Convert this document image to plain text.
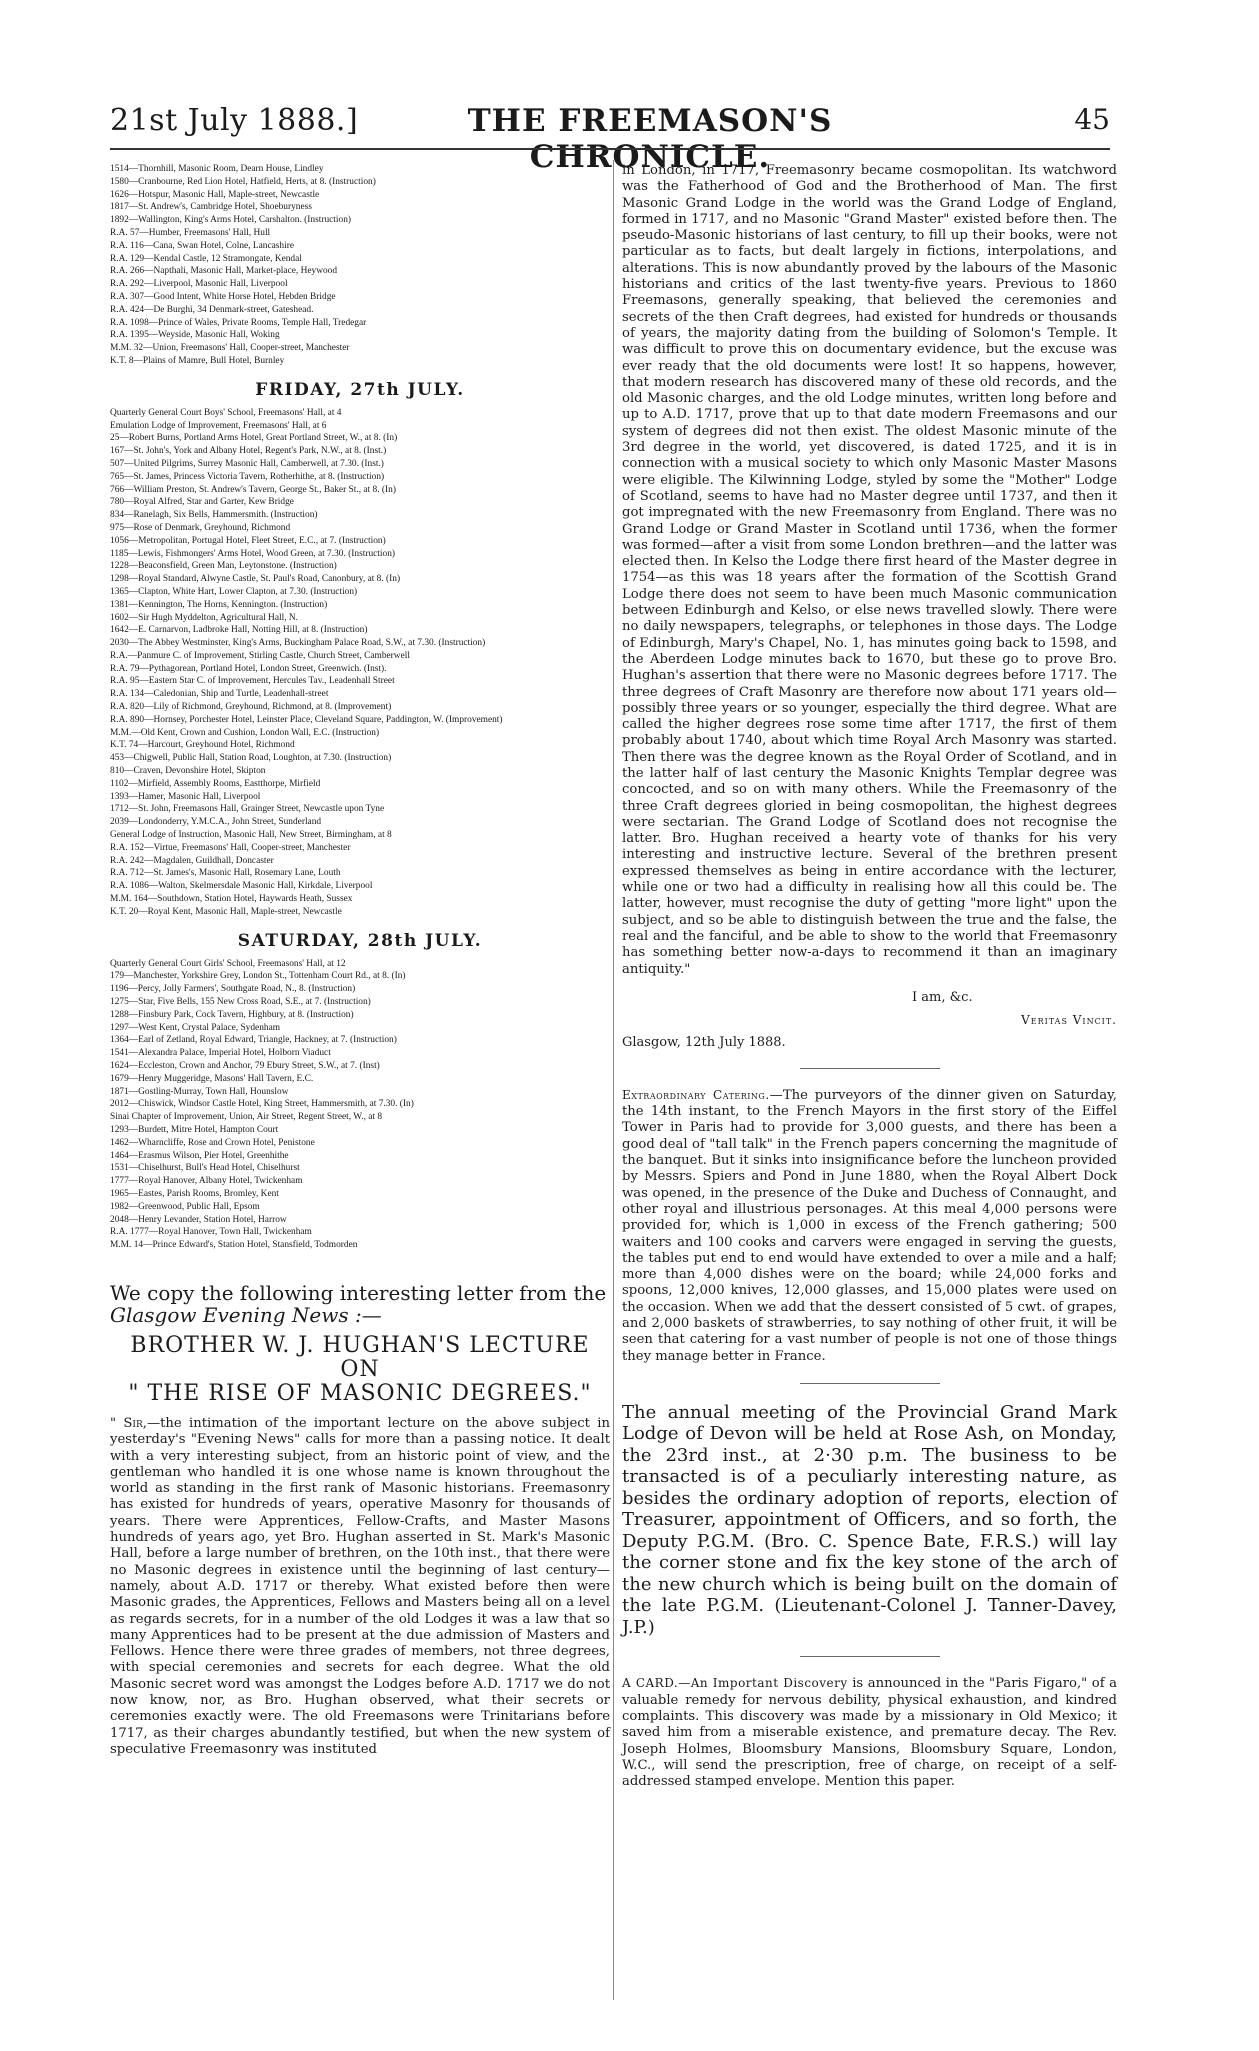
21st July 1888.]	THE FREEMASON'S CHRONICLE.
45
1514—Thornhill, Masonic Room, Dearn House, Lindley
1580—Cranbourne, Red Lion Hotel, Hatfield, Herts, at 8. (Instruction)
1626—Hotspur, Masonic Hall, Maple-street, Newcastle
1817—St. Andrew's, Cambridge Hotel, Shoeburyness
1892—Wallington, King's Arms Hotel, Carshalton. (Instruction)
R.A. 57—Humber, Freemasons' Hall, Hull
R.A. 116—Cana, Swan Hotel, Colne, Lancashire
R.A. 129—Kendal Castle, 12 Stramongate, Kendal
R.A. 266—Napthali, Masonic Hall, Market-place, Heywood
R.A. 292—Liverpool, Masonic Hall, Liverpool
R.A. 307—Good Intent, White Horse Hotel, Hebden Bridge
R.A. 424—De Burghi, 34 Denmark-street, Gateshead.
R.A. 1098—Prince of Wales, Private Rooms, Temple Hall, Tredegar
R.A. 1395—Weyside, Masonic Hall, Woking
M.M. 32—Union, Freemasons' Hall, Cooper-street, Manchester
K.T. 8—Plains of Mamre, Bull Hotel, Burnley
FRIDAY, 27th JULY.
Quarterly General Court Boys' School, Freemasons' Hall, at 4
Emulation Lodge of Improvement, Freemasons' Hall, at 6
25—Robert Burns, Portland Arms Hotel, Great Portland Street, W., at 8. (In)
167—St. John's, York and Albany Hotel, Regent's Park, N.W., at 8. (Inst.)
507—United Pilgrims, Surrey Masonic Hall, Camberwell, at 7.30. (Inst.)
765—St. James, Princess Victoria Tavern, Rotherhithe, at 8. (Instruction)
766—William Preston, St. Andrew's Tavern, George St., Baker St., at 8. (In)
780—Royal Alfred, Star and Garter, Kew Bridge
834—Ranelagh, Six Bells, Hammersmith. (Instruction)
975—Rose of Denmark, Greyhound, Richmond
1056—Metropolitan, Portugal Hotel, Fleet Street, E.C., at 7. (Instruction)
1185—Lewis, Fishmongers' Arms Hotel, Wood Green, at 7.30. (Instruction)
1228—Beaconsfield, Green Man, Leytonstone. (Instruction)
1298—Royal Standard, Alwyne Castle, St. Paul's Road, Canonbury, at 8. (In)
1365—Clapton, White Hart, Lower Clapton, at 7.30. (Instruction)
1381—Kennington, The Horns, Kennington. (Instruction)
1602—Sir Hugh Myddelton, Agricultural Hall, N.
1642—E. Carnarvon, Ladbroke Hall, Notting Hill, at 8. (Instruction)
2030—The Abbey Westminster, King's Arms, Buckingham Palace Road, S.W., at 7.30. (Instruction)
R.A.—Panmure C. of Improvement, Stirling Castle, Church Street, Camberwell
R.A. 79—Pythagorean, Portland Hotel, London Street, Greenwich. (Inst).
R.A. 95—Eastern Star C. of Improvement, Hercules Tav., Leadenhall Street
R.A. 134—Caledonian, Ship and Turtle, Leadenhall-street
R.A. 820—Lily of Richmond, Greyhound, Richmond, at 8. (Improvement)
R.A. 890—Hornsey, Porchester Hotel, Leinster Place, Cleveland Square, Paddington, W. (Improvement)
M.M.—Old Kent, Crown and Cushion, London Wall, E.C. (Instruction)
K.T. 74—Harcourt, Greyhound Hotel, Richmond
453—Chigwell, Public Hall, Station Road, Loughton, at 7.30. (Instruction)
810—Craven, Devonshire Hotel, Skipton
1102—Mirfield, Assembly Rooms, Eastthorpe, Mirfield
1393—Hamer, Masonic Hall, Liverpool
1712—St. John, Freemasons Hall, Grainger Street, Newcastle upon Tyne
2039—Londonderry, Y.M.C.A., John Street, Sunderland
General Lodge of Instruction, Masonic Hall, New Street, Birmingham, at 8
R.A. 152—Virtue, Freemasons' Hall, Cooper-street, Manchester
R.A. 242—Magdalen, Guildhall, Doncaster
R.A. 712—St. James's, Masonic Hall, Rosemary Lane, Louth
R.A. 1086—Walton, Skelmersdale Masonic Hall, Kirkdale, Liverpool
M.M. 164—Southdown, Station Hotel, Haywards Heath, Sussex
K.T. 20—Royal Kent, Masonic Hall, Maple-street, Newcastle
SATURDAY, 28th JULY.
Quarterly General Court Girls' School, Freemasons' Hall, at 12
179—Manchester, Yorkshire Grey, London St., Tottenham Court Rd., at 8. (In)
1196—Percy, Jolly Farmers', Southgate Road, N., 8. (Instruction)
1275—Star, Five Bells, 155 New Cross Road, S.E., at 7. (Instruction)
1288—Finsbury Park, Cock Tavern, Highbury, at 8. (Instruction)
1297—West Kent, Crystal Palace, Sydenham
1364—Earl of Zetland, Royal Edward, Triangle, Hackney, at 7. (Instruction)
1541—Alexandra Palace, Imperial Hotel, Holborn Viaduct
1624—Eccleston, Crown and Anchor, 79 Ebury Street, S.W., at 7. (Inst)
1679—Henry Muggeridge, Masons' Hall Tavern, E.C.
1871—Gostling-Murray, Town Hall, Hounslow
2012—Chiswick, Windsor Castle Hotel, King Street, Hammersmith, at 7.30. (In)
Sinai Chapter of Improvement, Union, Air Street, Regent Street, W., at 8
1293—Burdett, Mitre Hotel, Hampton Court
1462—Wharncliffe, Rose and Crown Hotel, Penistone
1464—Erasmus Wilson, Pier Hotel, Greenhithe
1531—Chiselhurst, Bull's Head Hotel, Chiselhurst
1777—Royal Hanover, Albany Hotel, Twickenham
1965—Eastes, Parish Rooms, Bromley, Kent
1982—Greenwood, Public Hall, Epsom
2048—Henry Levander, Station Hotel, Harrow
R.A. 1777—Royal Hanover, Town Hall, Twickenham
M.M. 14—Prince Edward's, Station Hotel, Stansfield, Todmorden
We copy the following interesting letter from the
Glasgow Evening News :—
BROTHER W. J. HUGHAN'S LECTURE ON
" THE RISE OF MASONIC DEGREES."
" Sir,—the intimation of the important lecture on the above subject in yesterday's "Evening News" calls for more than a passing notice. It dealt with a very interesting subject, from an historic point of view, and the gentleman who handled it is one whose name is known throughout the world as standing in the first rank of Masonic historians. Freemasonry has existed for hundreds of years, operative Masonry for thousands of years. There were Apprentices, Fellow-Crafts, and Master Masons hundreds of years ago, yet Bro. Hughan asserted in St. Mark's Masonic Hall, before a large number of brethren, on the 10th inst., that there were no Masonic degrees in existence until the beginning of last century—namely, about A.D. 1717 or thereby. What existed before then were Masonic grades, the Apprentices, Fellows and Masters being all on a level as regards secrets, for in a number of the old Lodges it was a law that so many Apprentices had to be present at the due admission of Masters and Fellows. Hence there were three grades of members, not three degrees, with special ceremonies and secrets for each degree. What the old Masonic secret word was amongst the Lodges before A.D. 1717 we do not now know, nor, as Bro. Hughan observed, what their secrets or ceremonies exactly were. The old Freemasons were Trinitarians before 1717, as their charges abundantly testified, but when the new system of speculative Freemasonry was instituted

in London, in 1717, Freemasonry became cosmopolitan. Its watchword was the Fatherhood of God and the Brotherhood of Man. The first Masonic Grand Lodge in the world was the Grand Lodge of England, formed in 1717, and no Masonic "Grand Master" existed before then. The pseudo-Masonic historians of last century, to fill up their books, were not particular as to facts, but dealt largely in fictions, interpolations, and alterations. This is now abundantly proved by the labours of the Masonic historians and critics of the last twenty-five years. Previous to 1860 Freemasons, generally speaking, that believed the ceremonies and secrets of the then Craft degrees, had existed for hundreds or thousands of years, the majority dating from the building of Solomon's Temple. It was difficult to prove this on documentary evidence, but the excuse was ever ready that the old documents were lost! It so happens, however, that modern research has discovered many of these old records, and the old Masonic charges, and the old Lodge minutes, written long before and up to A.D. 1717, prove that up to that date modern Freemasons and our system of degrees did not then exist. The oldest Masonic minute of the 3rd degree in the world, yet discovered, is dated 1725, and it is in connection with a musical society to which only Masonic Master Masons were eligible. The Kilwinning Lodge, styled by some the "Mother" Lodge of Scotland, seems to have had no Master degree until 1737, and then it got impregnated with the new Freemasonry from England. There was no Grand Lodge or Grand Master in Scotland until 1736, when the former was formed—after a visit from some London brethren—and the latter was elected then. In Kelso the Lodge there first heard of the Master degree in 1754—as this was 18 years after the formation of the Scottish Grand Lodge there does not seem to have been much Masonic communication between Edinburgh and Kelso, or else news travelled slowly. There were no daily newspapers, telegraphs, or telephones in those days. The Lodge of Edinburgh, Mary's Chapel, No. 1, has minutes going back to 1598, and the Aberdeen Lodge minutes back to 1670, but these go to prove Bro. Hughan's assertion that there were no Masonic degrees before 1717. The three degrees of Craft Masonry are therefore now about 171 years old—possibly three years or so younger, especially the third degree. What are called the higher degrees rose some time after 1717, the first of them probably about 1740, about which time Royal Arch Masonry was started. Then there was the degree known as the Royal Order of Scotland, and in the latter half of last century the Masonic Knights Templar degree was concocted, and so on with many others. While the Freemasonry of the three Craft degrees gloried in being cosmopolitan, the highest degrees were sectarian. The Grand Lodge of Scotland does not recognise the latter. Bro. Hughan received a hearty vote of thanks for his very interesting and instructive lecture. Several of the brethren present expressed themselves as being in entire accordance with the lecturer, while one or two had a difficulty in realising how all this could be. The latter, however, must recognise the duty of getting "more light" upon the subject, and so be able to distinguish between the true and the false, the real and the fanciful, and be able to show to the world that Freemasonry has something better now-a-days to recommend it than an imaginary antiquity."

I am, &c.
Veritas Vincit.
Glasgow, 12th July 1888.

Extraordinary Catering.—The purveyors of the dinner given on Saturday, the 14th instant, to the French Mayors in the first story of the Eiffel Tower in Paris had to provide for 3,000 guests, and there has been a good deal of "tall talk" in the French papers concerning the magnitude of the banquet. But it sinks into insignificance before the luncheon provided by Messrs. Spiers and Pond in June 1880, when the Royal Albert Dock was opened, in the presence of the Duke and Duchess of Connaught, and other royal and illustrious personages. At this meal 4,000 persons were provided for, which is 1,000 in excess of the French gathering; 500 waiters and 100 cooks and carvers were engaged in serving the guests, the tables put end to end would have extended to over a mile and a half; more than 4,000 dishes were on the board; while 24,000 forks and spoons, 12,000 knives, 12,000 glasses, and 15,000 plates were used on the occasion. When we add that the dessert consisted of 5 cwt. of grapes, and 2,000 baskets of strawberries, to say nothing of other fruit, it will be seen that catering for a vast number of people is not one of those things they manage better in France.

The annual meeting of the Provincial Grand Mark Lodge of Devon will be held at Rose Ash, on Monday, the 23rd inst., at 2·30 p.m. The business to be transacted is of a peculiarly interesting nature, as besides the ordinary adoption of reports, election of Treasurer, appointment of Officers, and so forth, the Deputy P.G.M. (Bro. C. Spence Bate, F.R.S.) will lay the corner stone and fix the key stone of the arch of the new church which is being built on the domain of the late P.G.M. (Lieutenant-Colonel J. Tanner-Davey, J.P.)

A CARD.—An Important Discovery is announced in the "Paris Figaro," of a valuable remedy for nervous debility, physical exhaustion, and kindred complaints. This discovery was made by a missionary in Old Mexico; it saved him from a miserable existence, and premature decay. The Rev. Joseph Holmes, Bloomsbury Mansions, Bloomsbury Square, London, W.C., will send the prescription, free of charge, on receipt of a self-addressed stamped envelope. Mention this paper.
